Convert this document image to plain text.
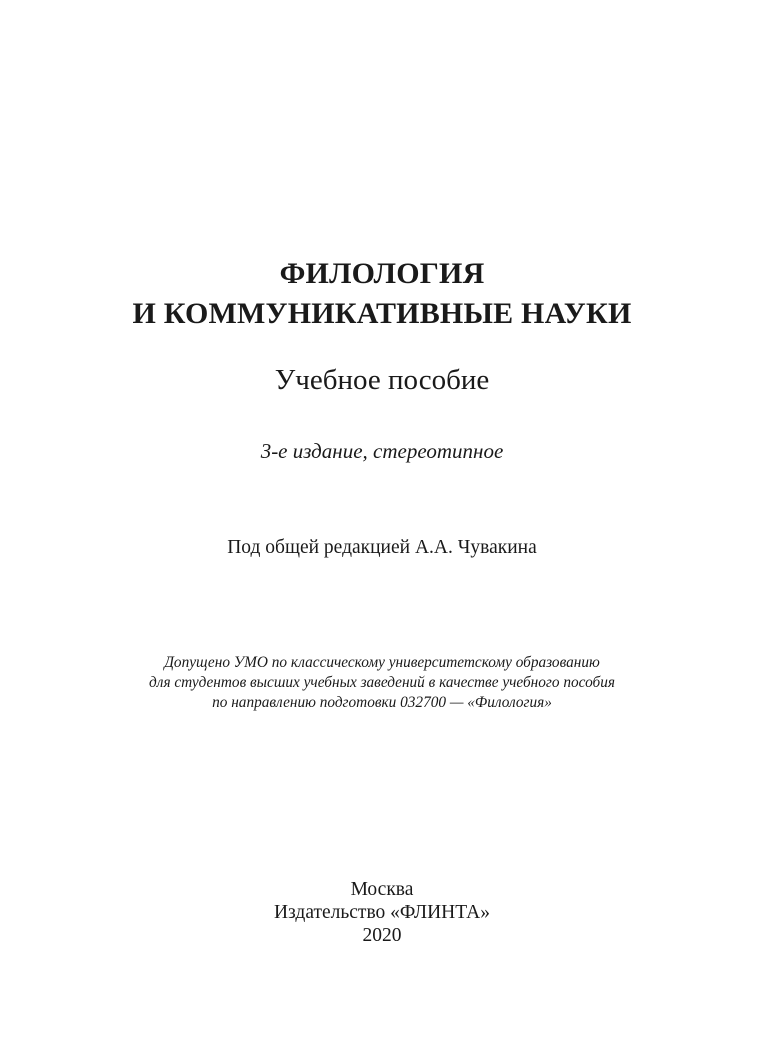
ФИЛОЛОГИЯ
И КОММУНИКАТИВНЫЕ НАУКИ
Учебное пособие
3-е издание, стереотипное
Под общей редакцией А.А. Чувакина
Допущено УМО по классическому университетскому образованию
для студентов высших учебных заведений в качестве учебного пособия
по направлению подготовки 032700 — «Филология»
Москва
Издательство «ФЛИНТА»
2020
